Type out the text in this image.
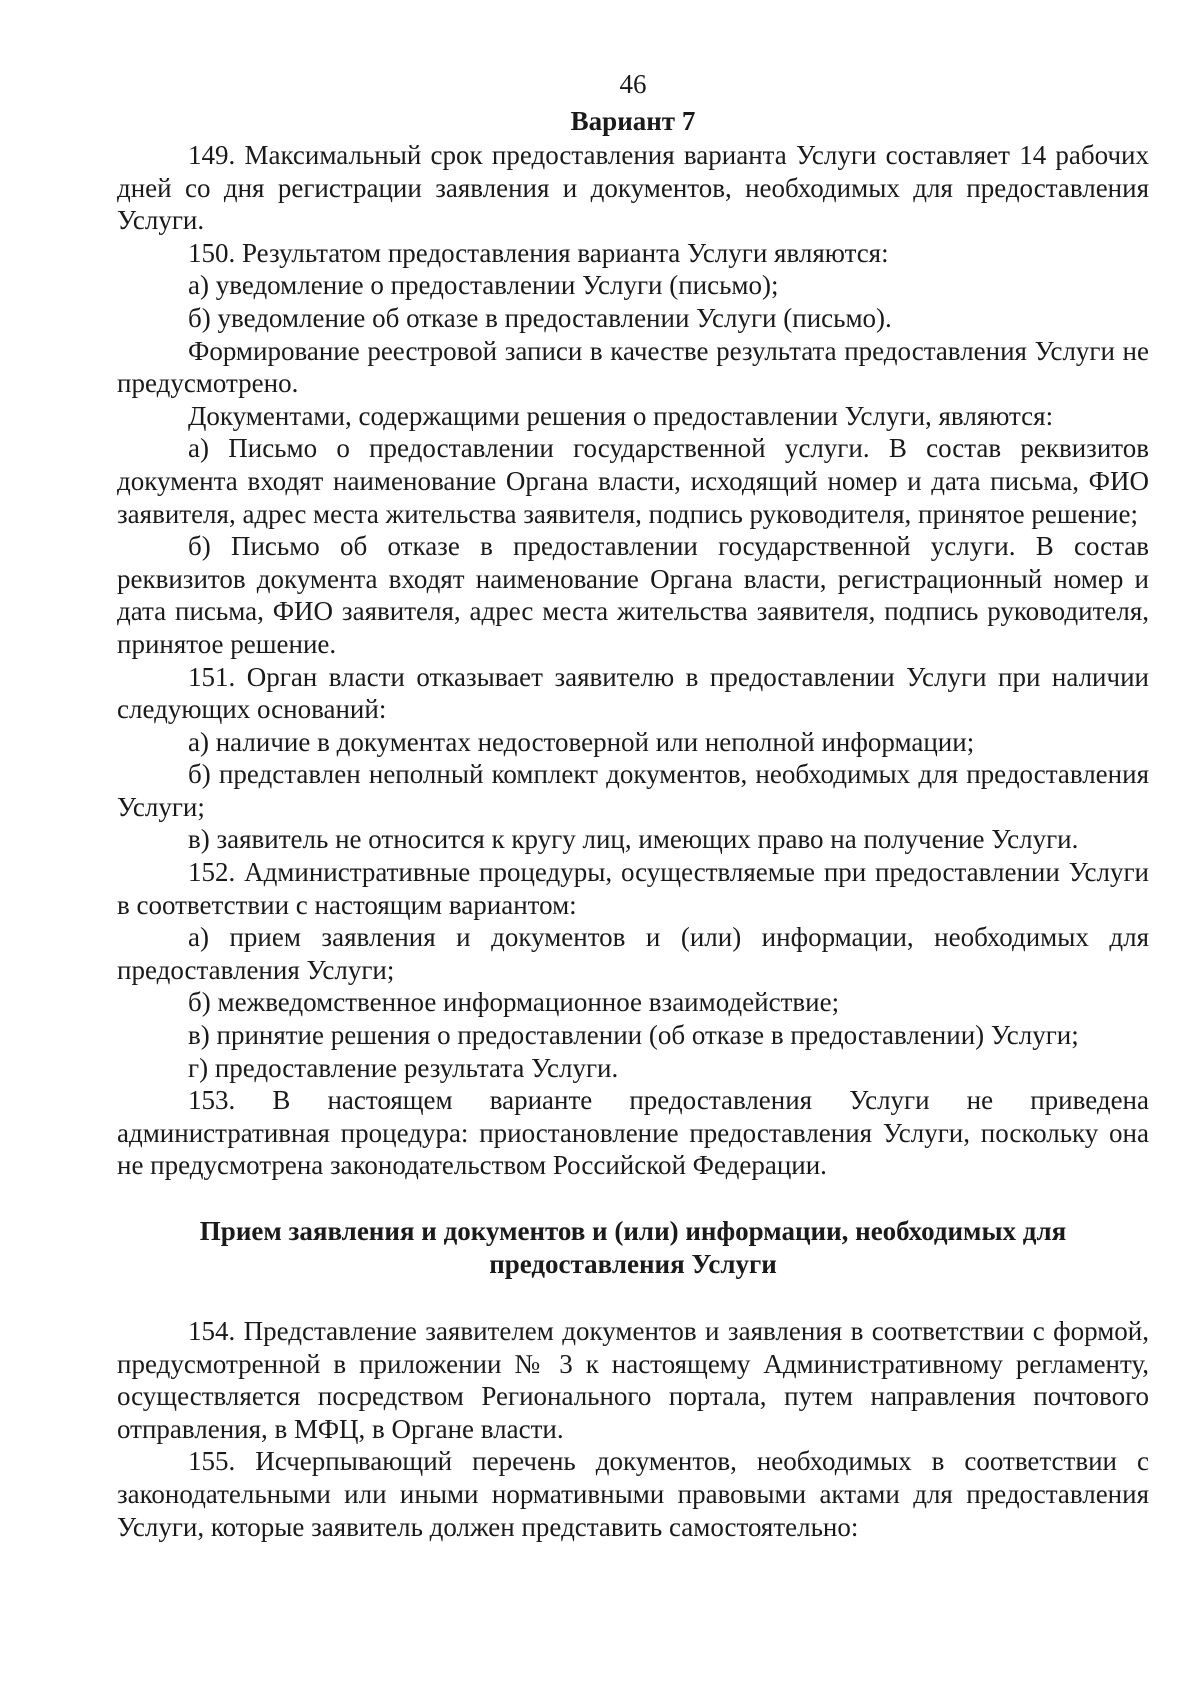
46
Вариант 7

149. Максимальный срок предоставления варианта Услуги составляет 14 рабочих дней со дня регистрации заявления и документов, необходимых для предоставления Услуги.

150. Результатом предоставления варианта Услуги являются:

а) уведомление о предоставлении Услуги (письмо);

б) уведомление об отказе в предоставлении Услуги (письмо).

Формирование реестровой записи в качестве результата предоставления Услуги не предусмотрено.

Документами, содержащими решения о предоставлении Услуги, являются:

а) Письмо о предоставлении государственной услуги. В состав реквизитов документа входят наименование Органа власти, исходящий номер и дата письма, ФИО заявителя, адрес места жительства заявителя, подпись руководителя, принятое решение;

б) Письмо об отказе в предоставлении государственной услуги. В состав реквизитов документа входят наименование Органа власти, регистрационный номер и дата письма, ФИО заявителя, адрес места жительства заявителя, подпись руководителя, принятое решение.

151. Орган власти отказывает заявителю в предоставлении Услуги при наличии следующих оснований:

а) наличие в документах недостоверной или неполной информации;

б) представлен неполный комплект документов, необходимых для предоставления Услуги;

в) заявитель не относится к кругу лиц, имеющих право на получение Услуги.

152. Административные процедуры, осуществляемые при предоставлении Услуги в соответствии с настоящим вариантом:

а) прием заявления и документов и (или) информации, необходимых для предоставления Услуги;

б) межведомственное информационное взаимодействие;

в) принятие решения о предоставлении (об отказе в предоставлении) Услуги;

г) предоставление результата Услуги.

153. В настоящем варианте предоставления Услуги не приведена административная процедура: приостановление предоставления Услуги, поскольку она не предусмотрена законодательством Российской Федерации.

Прием заявления и документов и (или) информации, необходимых для
предоставления Услуги

154. Представление заявителем документов и заявления в соответствии с формой, предусмотренной в приложении № 3 к настоящему Административному регламенту, осуществляется посредством Регионального портала, путем направления почтового отправления, в МФЦ, в Органе власти.

155. Исчерпывающий перечень документов, необходимых в соответствии с законодательными или иными нормативными правовыми актами для предоставления Услуги, которые заявитель должен представить самостоятельно:
